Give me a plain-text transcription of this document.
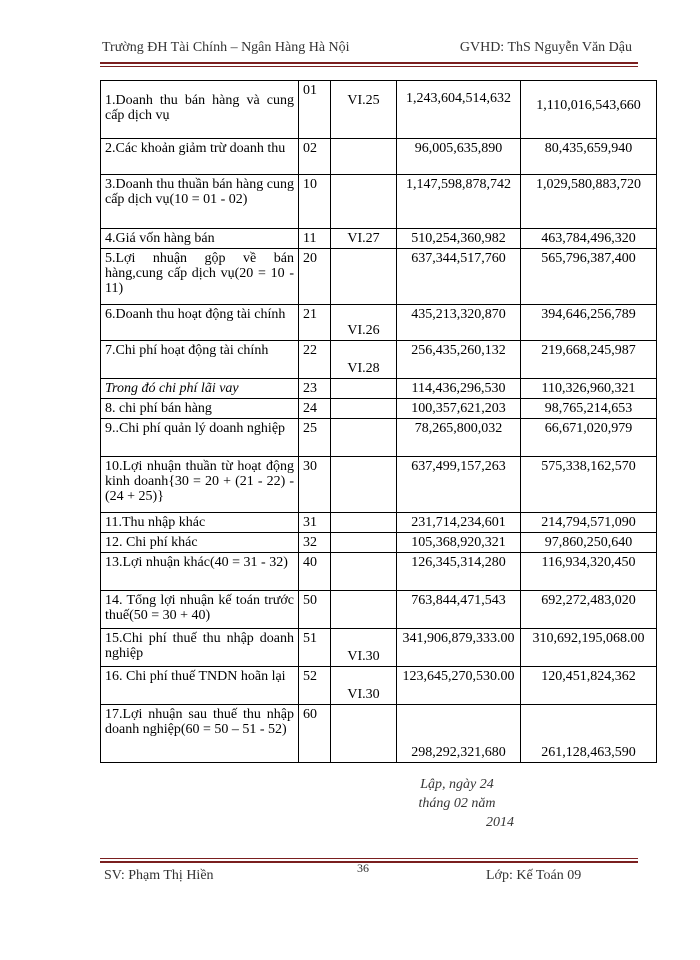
Trường ĐH Tài Chính – Ngân Hàng Hà Nội	GVHD: ThS Nguyễn Văn Dậu
1.Doanh thu bán hàng và cung cấp dịch vụ	01	VI.25	1,243,604,514,632	1,110,016,543,660
2.Các khoản giảm trừ doanh thu	02		96,005,635,890	80,435,659,940
3.Doanh thu thuần bán hàng cung cấp dịch vụ(10 = 01 - 02)	10		1,147,598,878,742	1,029,580,883,720
4.Giá vốn hàng bán	11	VI.27	510,254,360,982	463,784,496,320
5.Lợi nhuận gộp về bán hàng,cung cấp dịch vụ(20 = 10 - 11)	20		637,344,517,760	565,796,387,400
6.Doanh thu hoạt động tài chính	21	VI.26	435,213,320,870	394,646,256,789
7.Chi phí hoạt động tài chính	22	VI.28	256,435,260,132	219,668,245,987
Trong đó chi phí lãi vay	23		114,436,296,530	110,326,960,321
8. chi phí bán hàng	24		100,357,621,203	98,765,214,653
9..Chi phí quản lý doanh nghiệp	25		78,265,800,032	66,671,020,979
10.Lợi nhuận thuần từ hoạt động kinh doanh{30 = 20 + (21 - 22) - (24 + 25)}	30		637,499,157,263	575,338,162,570
11.Thu nhập khác	31		231,714,234,601	214,794,571,090
12. Chi phí khác	32		105,368,920,321	97,860,250,640
13.Lợi nhuận khác(40 = 31 - 32)	40		126,345,314,280	116,934,320,450
14. Tổng lợi nhuận kế toán trước thuế(50 = 30 + 40)	50		763,844,471,543	692,272,483,020
15.Chi phí thuế thu nhập doanh nghiệp	51	VI.30	341,906,879,333.00	310,692,195,068.00
16. Chi phí thuế TNDN hoãn lại	52	VI.30	123,645,270,530.00	120,451,824,362
17.Lợi nhuận sau thuế thu nhập doanh nghiệp(60 = 50 – 51 - 52)	60		298,292,321,680	261,128,463,590
Lập, ngày 24
tháng 02 năm
2014
36
SV: Phạm Thị Hiền	Lớp: Kế Toán 09
